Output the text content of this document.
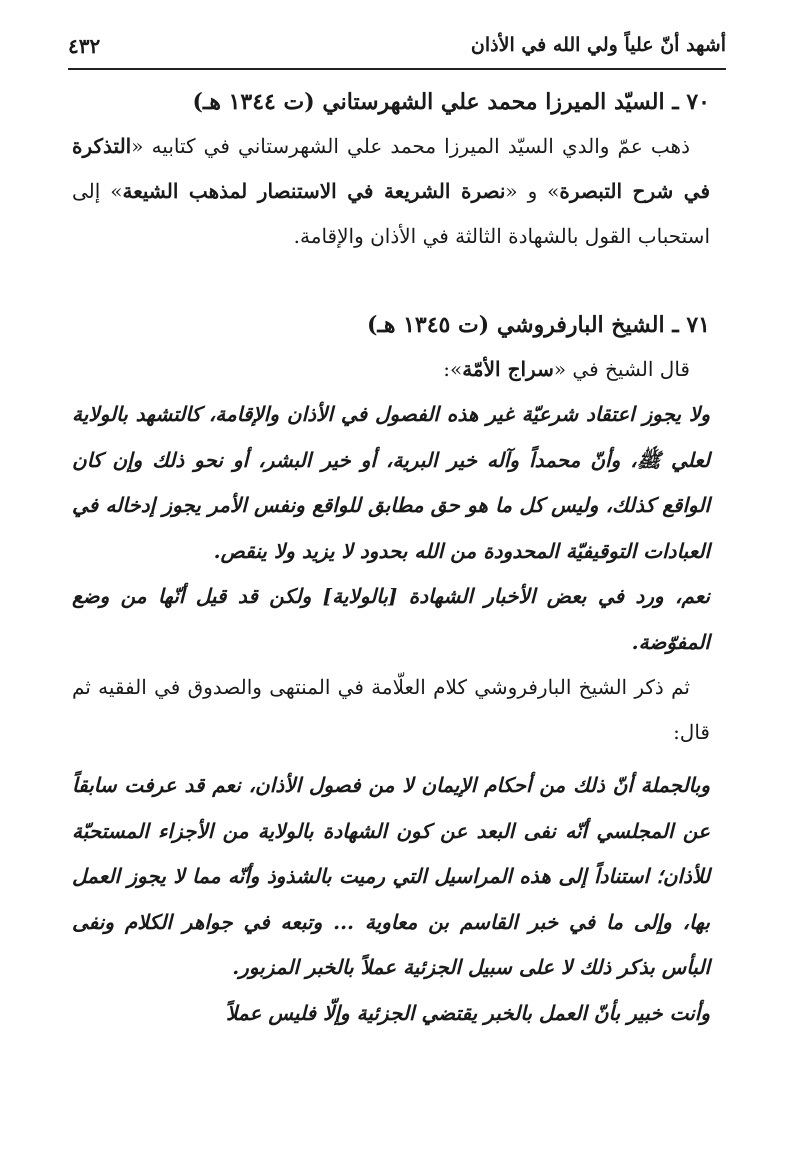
أشهد أنّ علياً ولي الله في الأذان
٤٣٢

٧٠ ـ السيّد الميرزا محمد علي الشهرستاني (ت ١٣٤٤ هـ)

ذهب عمّ والدي السيّد الميرزا محمد علي الشهرستاني في كتابيه «التذكرة في شرح التبصرة» و «نصرة الشريعة في الاستنصار لمذهب الشيعة» إلى استحباب القول بالشهادة الثالثة في الأذان والإقامة.

٧١ ـ الشيخ البارفروشي (ت ١٣٤٥ هـ)

قال الشيخ في «سراج الأمّة»:

ولا يجوز اعتقاد شرعيّة غير هذه الفصول في الأذان والإقامة، كالتشهد بالولاية لعلي ﷺ، وأنّ محمداً وآله خير البرية، أو خير البشر، أو نحو ذلك وإن كان الواقع كذلك، وليس كل ما هو حق مطابق للواقع ونفس الأمر يجوز إدخاله في العبادات التوقيفيّة المحدودة من الله بحدود لا يزيد ولا ينقص.

نعم، ورد في بعض الأخبار الشهادة [بالولاية] ولكن قد قيل أنّها من وضع المفوّضة.

ثم ذكر الشيخ البارفروشي كلام العلّامة في المنتهى والصدوق في الفقيه ثم قال:

وبالجملة أنّ ذلك من أحكام الإيمان لا من فصول الأذان، نعم قد عرفت سابقاً عن المجلسي أنّه نفى البعد عن كون الشهادة بالولاية من الأجزاء المستحبّة للأذان؛ استناداً إلى هذه المراسيل التي رميت بالشذوذ وأنّه مما لا يجوز العمل بها، وإلى ما في خبر القاسم بن معاوية ... وتبعه في جواهر الكلام ونفى البأس بذكر ذلك لا على سبيل الجزئية عملاً بالخبر المزبور.

وأنت خبير بأنّ العمل بالخبر يقتضي الجزئية وإلّا فليس عملاً
